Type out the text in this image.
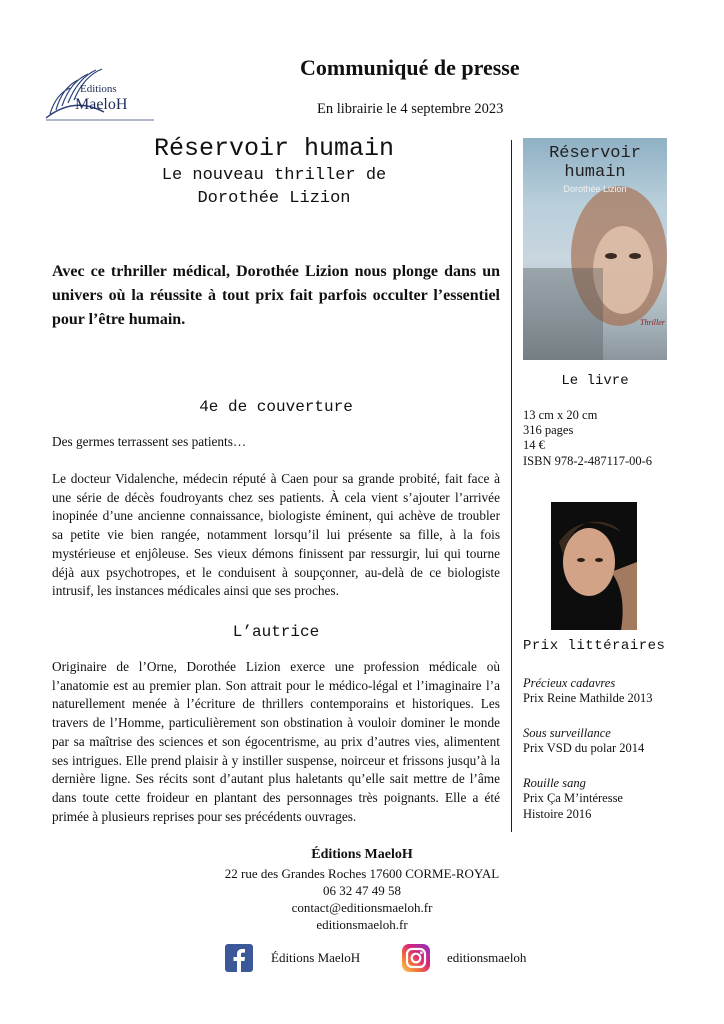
Éditions
MaeloH
Communiqué de presse
En librairie le 4 septembre 2023
Réservoir humain
Le nouveau thriller de
Dorothée Lizion
Avec ce trhriller médical, Dorothée Lizion nous plonge dans un univers où la réussite à tout prix fait parfois occulter l’essentiel pour l’être humain.
4e de couverture
Des germes terrassent ses patients…
Le docteur Vidalenche, médecin réputé à Caen pour sa grande probité, fait face à une série de décès foudroyants chez ses patients. À cela vient s’ajouter l’arrivée inopinée d’une ancienne connaissance, biologiste éminent, qui achève de troubler sa petite vie bien rangée, notamment lorsqu’il lui présente sa fille, à la fois mystérieuse et enjôleuse. Ses vieux démons finissent par ressurgir, lui qui tourne déjà aux psychotropes, et le conduisent à soupçonner, au-delà de ce biologiste intrusif, les instances médicales ainsi que ses proches.
L’autrice
Originaire de l’Orne, Dorothée Lizion exerce une profession médicale où l’anatomie est au premier plan. Son attrait pour le médico-légal et l’imaginaire l’a naturellement menée à l’écriture de thrillers contemporains et historiques. Les travers de l’Homme, particulièrement son obstination à vouloir dominer le monde par sa maîtrise des sciences et son égocentrisme, au prix d’autres vies, alimentent ses intrigues. Elle prend plaisir à y instiller suspense, noirceur et frissons jusqu’à la dernière ligne. Ses récits sont d’autant plus haletants qu’elle sait mettre de l’âme dans toute cette froideur en plantant des personnages très poignants. Elle a été primée à plusieurs reprises pour ses précédents ouvrages.
Réservoir
humain
Dorothée Lizion
Thriller
Le livre
13 cm x 20 cm
316 pages
14 €
ISBN 978-2-487117-00-6
Prix littéraires
Précieux cadavres
Prix Reine Mathilde 2013
Sous surveillance
Prix VSD du polar 2014
Rouille sang
Prix Ça M’intéresse Histoire 2016
Éditions MaeloH
22 rue des Grandes Roches 17600 CORME-ROYAL
06 32 47 49 58
contact@editionsmaeloh.fr
editionsmaeloh.fr
Éditions MaeloH	editionsmaeloh
